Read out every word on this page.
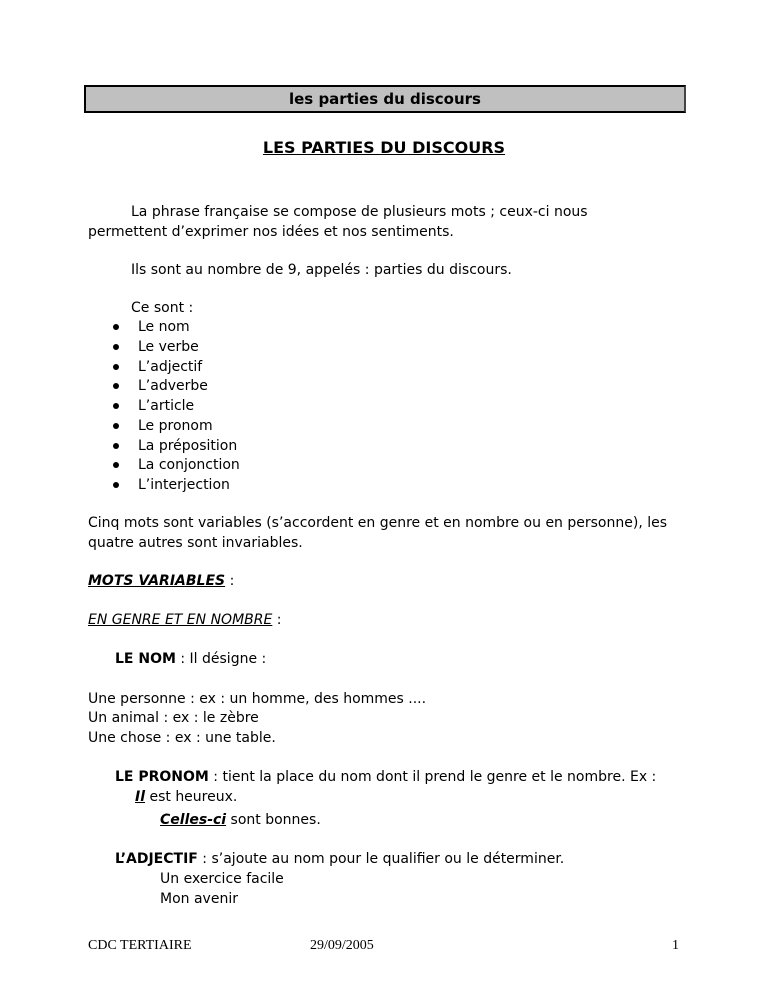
les parties du discours
LES PARTIES DU DISCOURS
La phrase française se compose de plusieurs mots ; ceux-ci nous
permettent d’exprimer nos idées et nos sentiments.
Ils sont au nombre de 9, appelés : parties du discours.
Ce sont :
Le nom
Le verbe
L’adjectif
L’adverbe
L’article
Le pronom
La préposition
La conjonction
L’interjection
Cinq mots sont variables (s’accordent en genre et en nombre ou en personne), les
quatre autres sont invariables.
MOTS VARIABLES :
EN GENRE ET EN NOMBRE :
LE NOM : Il désigne :
Une personne : ex : un homme, des hommes ....
Un animal : ex : le zèbre
Une chose : ex : une table.
LE PRONOM : tient la place du nom dont il prend le genre et le nombre. Ex :
Il est heureux.
Celles-ci sont bonnes.
L’ADJECTIF : s’ajoute au nom pour le qualifier ou le déterminer.
Un exercice facile
Mon avenir
CDC TERTIAIRE	29/09/2005	1
